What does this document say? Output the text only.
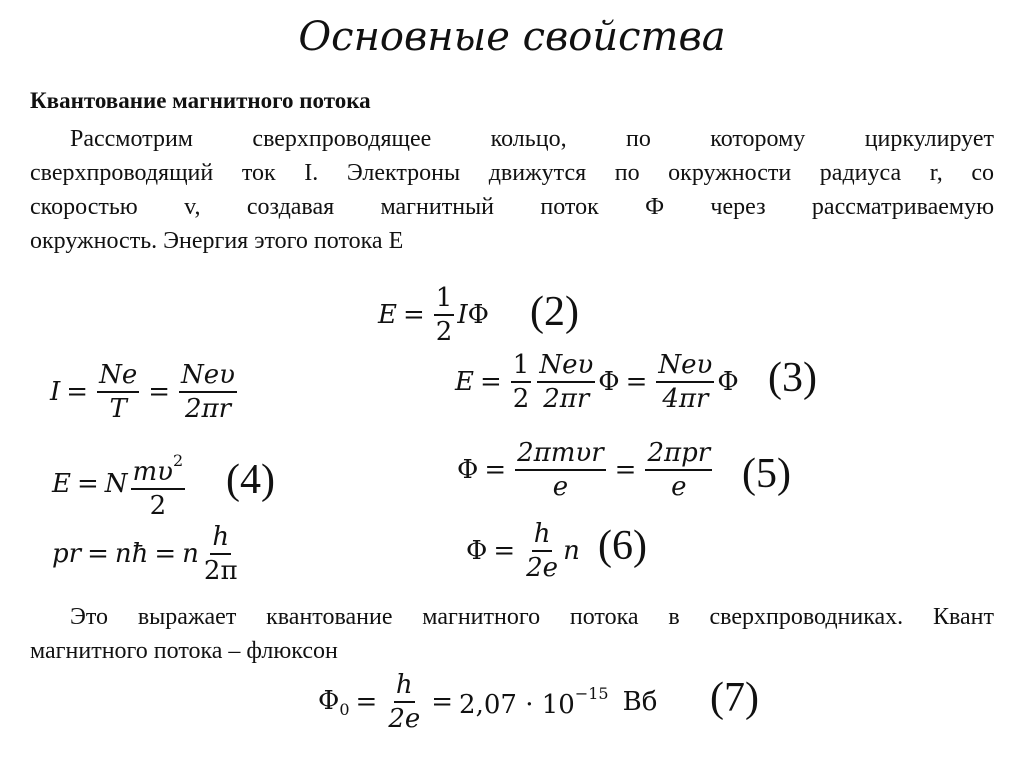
Основные свойства
Квантование магнитного потока
Рассмотрим сверхпроводящее кольцо, по которому циркулирует
сверхпроводящий ток I. Электроны движутся по окружности радиуса r, со
скоростью v, создавая магнитный поток Ф через рассматриваемую
окружность. Энергия этого потока Е
$E = \frac{1}{2}$ I Φ (2)
$I = \frac{Ne}{T} = \frac{\text{Neυ}}{2\pi r}$	$E = \frac{1}{2} \frac{\text{Neυ}}{2\pi r}$ $\Phi = \frac{\text{Neυ}}{4\pi r}$ Φ (3)
E = N $\frac{m\upsilon^2}{2} (4)$	$\Phi = \frac{\text{2πmυr}}{e} = \frac{\text{2πpr}}{e} (5)$
pr = nħ = n $\frac{h}{2\pi}$	$\Phi = \frac{h}{2e}$ n (6)
Это выражает квантование магнитного потока в сверхпроводниках. Квант
магнитного потока – флюксон
$\Phi_0 = \frac{h}{2e} = 2,07 \cdot 10^{-15}$ Вб (7)
